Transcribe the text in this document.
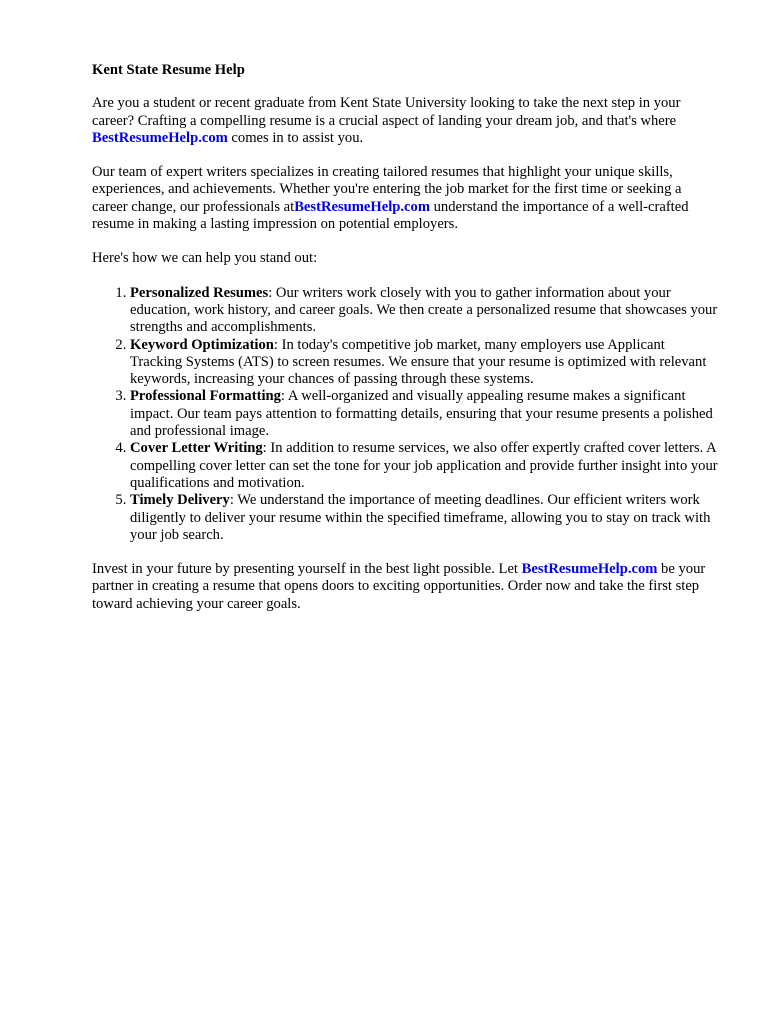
Kent State Resume Help

Are you a student or recent graduate from Kent State University looking to take the next step in your career? Crafting a compelling resume is a crucial aspect of landing your dream job, and that's where BestResumeHelp.com comes in to assist you.

Our team of expert writers specializes in creating tailored resumes that highlight your unique skills, experiences, and achievements. Whether you're entering the job market for the first time or seeking a career change, our professionals atBestResumeHelp.com understand the importance of a well-crafted resume in making a lasting impression on potential employers.

Here's how we can help you stand out:

1. Personalized Resumes: Our writers work closely with you to gather information about your education, work history, and career goals. We then create a personalized resume that showcases your strengths and accomplishments.
2. Keyword Optimization: In today's competitive job market, many employers use Applicant Tracking Systems (ATS) to screen resumes. We ensure that your resume is optimized with relevant keywords, increasing your chances of passing through these systems.
3. Professional Formatting: A well-organized and visually appealing resume makes a significant impact. Our team pays attention to formatting details, ensuring that your resume presents a polished and professional image.
4. Cover Letter Writing: In addition to resume services, we also offer expertly crafted cover letters. A compelling cover letter can set the tone for your job application and provide further insight into your qualifications and motivation.
5. Timely Delivery: We understand the importance of meeting deadlines. Our efficient writers work diligently to deliver your resume within the specified timeframe, allowing you to stay on track with your job search.

Invest in your future by presenting yourself in the best light possible. Let BestResumeHelp.com be your partner in creating a resume that opens doors to exciting opportunities. Order now and take the first step toward achieving your career goals.
